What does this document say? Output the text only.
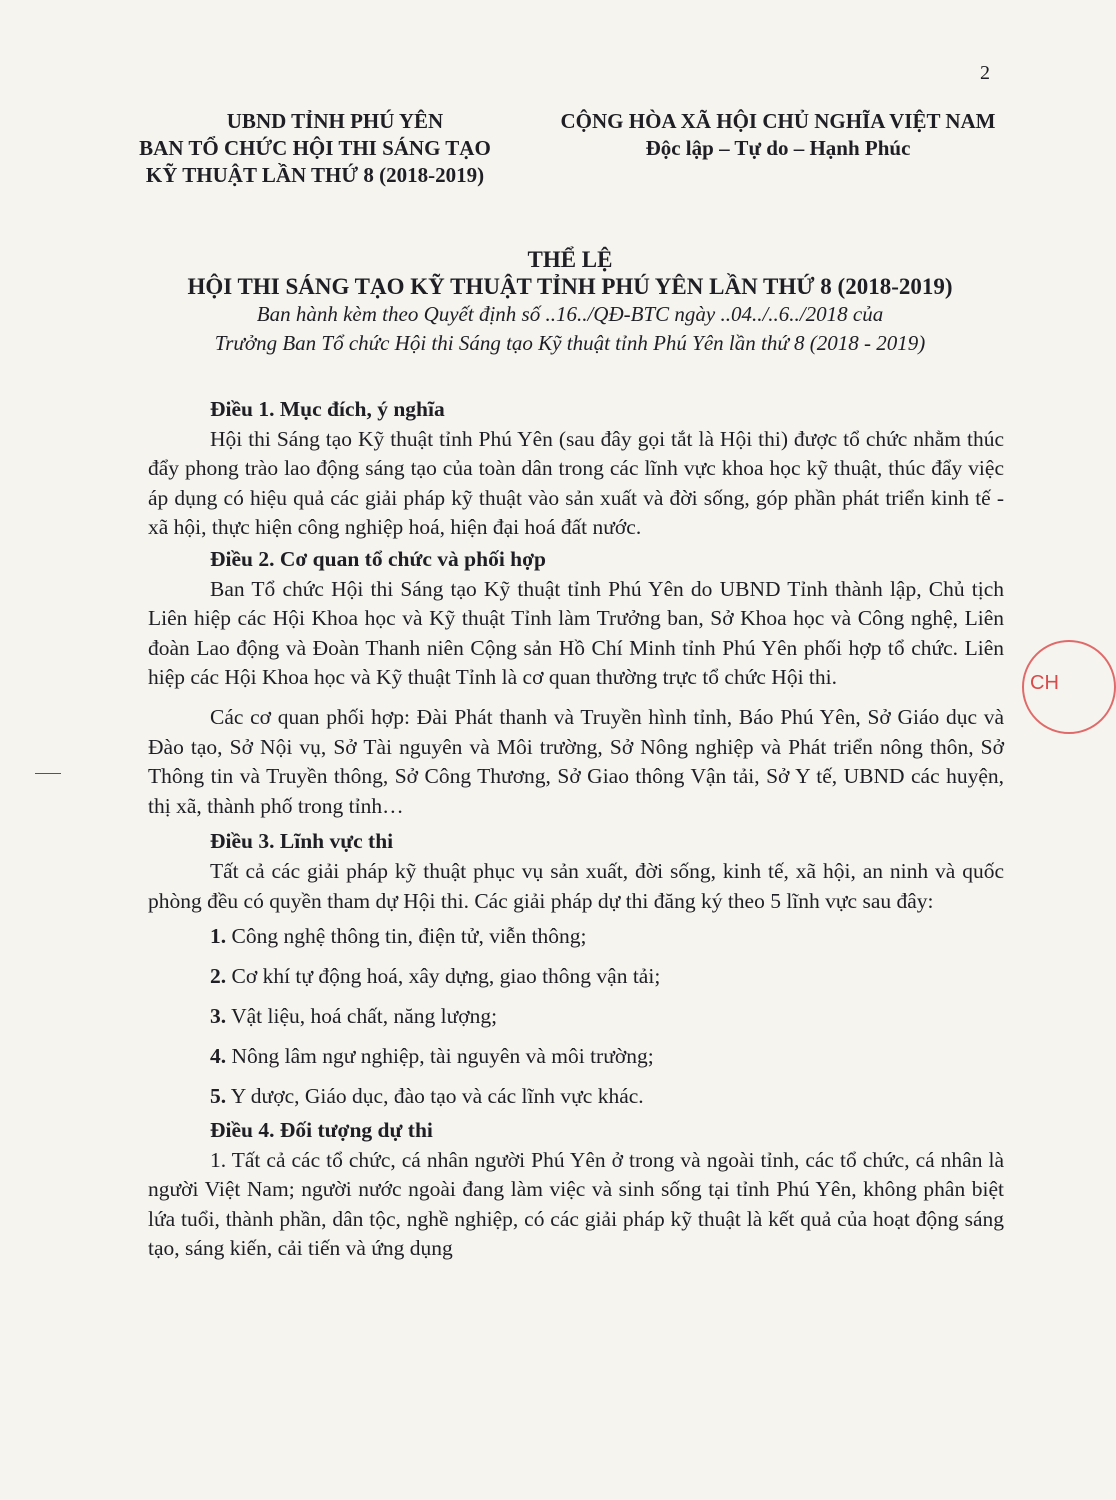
2
UBND TỈNH PHÚ YÊN
BAN TỔ CHỨC HỘI THI SÁNG TẠO
KỸ THUẬT LẦN THỨ 8 (2018-2019)
CỘNG HÒA XÃ HỘI CHỦ NGHĨA VIỆT NAM
Độc lập – Tự do – Hạnh Phúc
THỂ LỆ
HỘI THI SÁNG TẠO KỸ THUẬT TỈNH PHÚ YÊN LẦN THỨ 8 (2018-2019)
Ban hành kèm theo Quyết định số ..16../QĐ-BTC ngày ..04../..6../2018 của
Trưởng Ban Tổ chức Hội thi Sáng tạo Kỹ thuật tỉnh Phú Yên lần thứ 8 (2018 - 2019)

Điều 1. Mục đích, ý nghĩa

Hội thi Sáng tạo Kỹ thuật tỉnh Phú Yên (sau đây gọi tắt là Hội thi) được tổ chức nhằm thúc đẩy phong trào lao động sáng tạo của toàn dân trong các lĩnh vực khoa học kỹ thuật, thúc đẩy việc áp dụng có hiệu quả các giải pháp kỹ thuật vào sản xuất và đời sống, góp phần phát triển kinh tế - xã hội, thực hiện công nghiệp hoá, hiện đại hoá đất nước.

Điều 2. Cơ quan tổ chức và phối hợp

Ban Tổ chức Hội thi Sáng tạo Kỹ thuật tỉnh Phú Yên do UBND Tỉnh thành lập, Chủ tịch Liên hiệp các Hội Khoa học và Kỹ thuật Tỉnh làm Trưởng ban, Sở Khoa học và Công nghệ, Liên đoàn Lao động và Đoàn Thanh niên Cộng sản Hồ Chí Minh tỉnh Phú Yên phối hợp tổ chức. Liên hiệp các Hội Khoa học và Kỹ thuật Tỉnh là cơ quan thường trực tổ chức Hội thi.

Các cơ quan phối hợp: Đài Phát thanh và Truyền hình tỉnh, Báo Phú Yên, Sở Giáo dục và Đào tạo, Sở Nội vụ, Sở Tài nguyên và Môi trường, Sở Nông nghiệp và Phát triển nông thôn, Sở Thông tin và Truyền thông, Sở Công Thương, Sở Giao thông Vận tải, Sở Y tế, UBND các huyện, thị xã, thành phố trong tỉnh…

Điều 3. Lĩnh vực thi

Tất cả các giải pháp kỹ thuật phục vụ sản xuất, đời sống, kinh tế, xã hội, an ninh và quốc phòng đều có quyền tham dự Hội thi. Các giải pháp dự thi đăng ký theo 5 lĩnh vực sau đây:

1. Công nghệ thông tin, điện tử, viễn thông;

2. Cơ khí tự động hoá, xây dựng, giao thông vận tải;

3. Vật liệu, hoá chất, năng lượng;

4. Nông lâm ngư nghiệp, tài nguyên và môi trường;

5. Y dược, Giáo dục, đào tạo và các lĩnh vực khác.

Điều 4. Đối tượng dự thi

1. Tất cả các tổ chức, cá nhân người Phú Yên ở trong và ngoài tỉnh, các tổ chức, cá nhân là người Việt Nam; người nước ngoài đang làm việc và sinh sống tại tỉnh Phú Yên, không phân biệt lứa tuổi, thành phần, dân tộc, nghề nghiệp, có các giải pháp kỹ thuật là kết quả của hoạt động sáng tạo, sáng kiến, cải tiến và ứng dụng

CH
